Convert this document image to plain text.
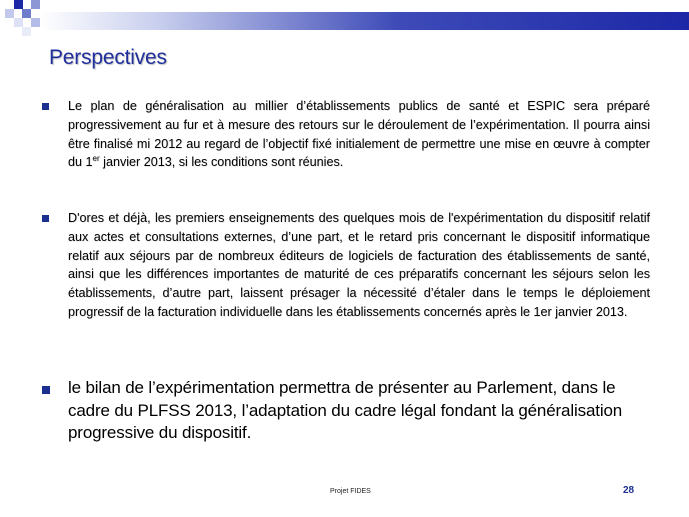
Perspectives

Le plan de généralisation au millier d’établissements publics de santé et ESPIC sera préparé progressivement au fur et à mesure des retours sur le déroulement de l’expérimentation. Il pourra ainsi être finalisé mi 2012 au regard de l’objectif fixé initialement de permettre une mise en œuvre à compter du 1er janvier 2013, si les conditions sont réunies.

D'ores et déjà, les premiers enseignements des quelques mois de l'expérimentation du dispositif relatif aux actes et consultations externes, d’une part, et le retard pris concernant le dispositif informatique relatif aux séjours par de nombreux éditeurs de logiciels de facturation des établissements de santé, ainsi que les différences importantes de maturité de ces préparatifs concernant les séjours selon les établissements, d’autre part, laissent présager la nécessité d’étaler dans le temps le déploiement progressif de la facturation individuelle dans les établissements concernés après le 1er janvier 2013.

le bilan de l’expérimentation permettra de présenter au Parlement, dans le cadre du PLFSS 2013, l’adaptation du cadre légal fondant la généralisation progressive du dispositif.

Projet FIDES	28
